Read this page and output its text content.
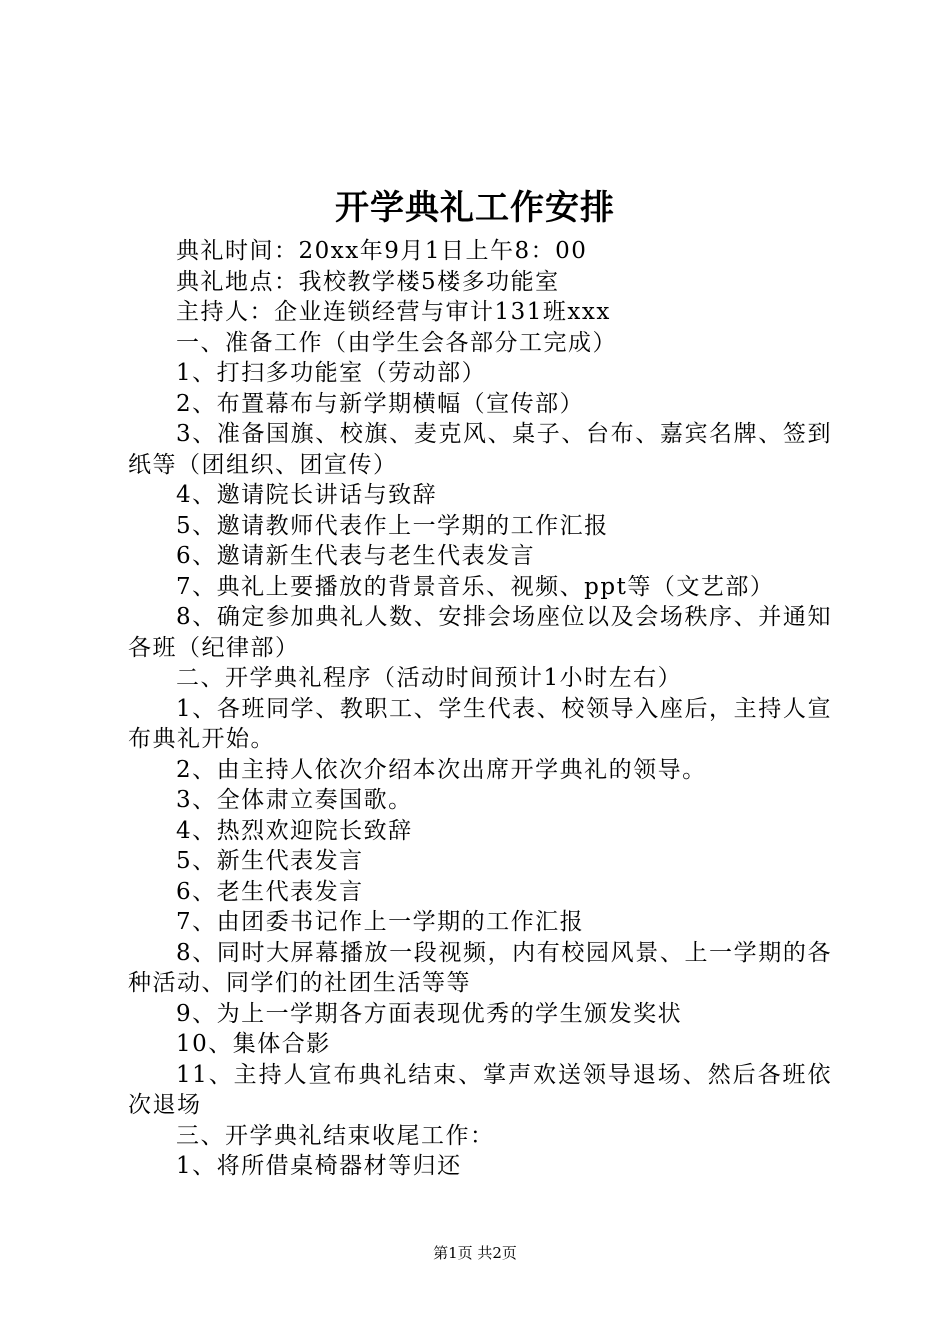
开学典礼工作安排

典礼时间：20xx年9月1日上午8：00

典礼地点：我校教学楼5楼多功能室

主持人：企业连锁经营与审计131班xxx

一、准备工作（由学生会各部分工完成）

1、打扫多功能室（劳动部）

2、布置幕布与新学期横幅（宣传部）

3、准备国旗、校旗、麦克风、桌子、台布、嘉宾名牌、签到纸等（团组织、团宣传）

4、邀请院长讲话与致辞

5、邀请教师代表作上一学期的工作汇报

6、邀请新生代表与老生代表发言

7、典礼上要播放的背景音乐、视频、ppt等（文艺部）

8、确定参加典礼人数、安排会场座位以及会场秩序、并通知各班（纪律部）

二、开学典礼程序（活动时间预计1小时左右）

1、各班同学、教职工、学生代表、校领导入座后，主持人宣布典礼开始。

2、由主持人依次介绍本次出席开学典礼的领导。

3、全体肃立奏国歌。

4、热烈欢迎院长致辞

5、新生代表发言

6、老生代表发言

7、由团委书记作上一学期的工作汇报

8、同时大屏幕播放一段视频，内有校园风景、上一学期的各种活动、同学们的社团生活等等

9、为上一学期各方面表现优秀的学生颁发奖状

10、集体合影

11、主持人宣布典礼结束、掌声欢送领导退场、然后各班依次退场

三、开学典礼结束收尾工作：

1、将所借桌椅器材等归还

第1页 共2页
